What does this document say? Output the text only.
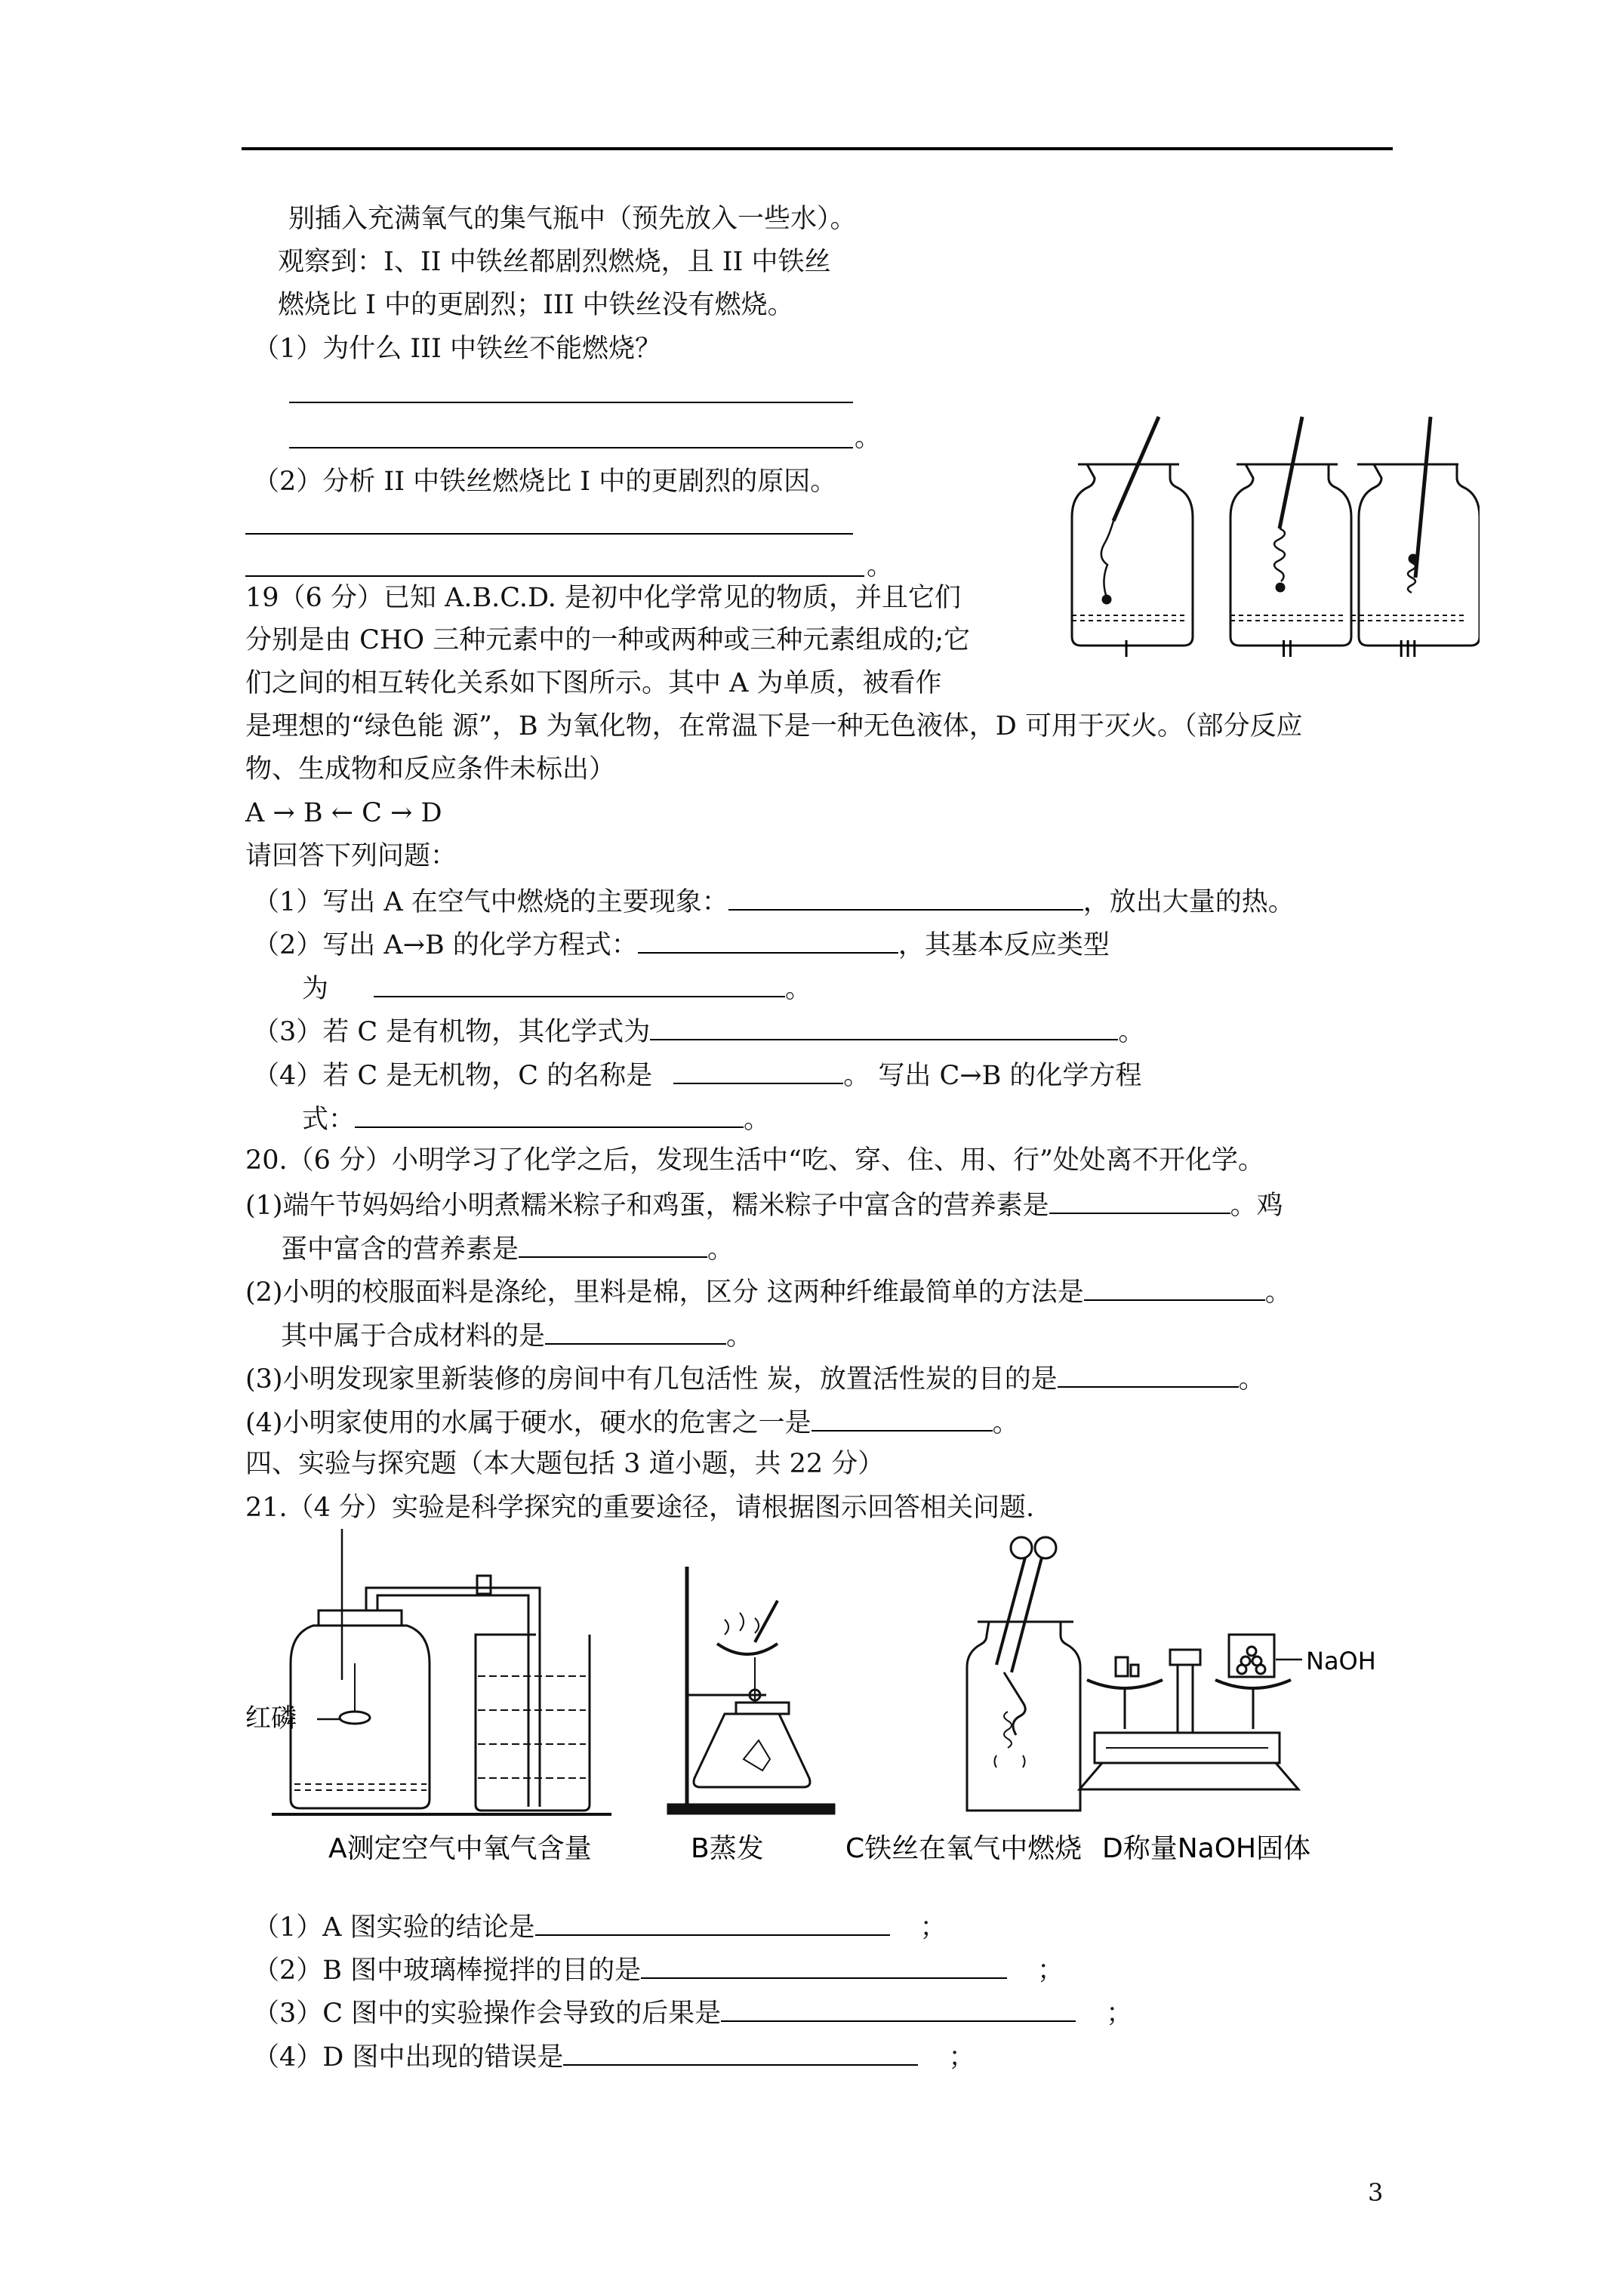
别插入充满氧气的集气瓶中（预先放入一些水）。
观察到：I、II 中铁丝都剧烈燃烧，且 II 中铁丝
燃烧比 I 中的更剧烈；III 中铁丝没有燃烧。
（1）为什么 III 中铁丝不能燃烧？
。
（2）分析 II 中铁丝燃烧比 I 中的更剧烈的原因。
。
I	II	III
19（6 分）已知 A.B.C.D. 是初中化学常见的物质，并且它们
分别是由 CHO 三种元素中的一种或两种或三种元素组成的;它
们之间的相互转化关系如下图所示。其中 A 为单质，被看作
是理想的“绿色能 源”，B 为氧化物，在常温下是一种无色液体，D 可用于灭火。（部分反应
物、生成物和反应条件未标出）
A → B ← C → D
请回答下列问题：
（1）写出 A 在空气中燃烧的主要现象：	，放出大量的热。
（2）写出 A→B 的化学方程式：	，其基本反应类型
为	。
（3）若 C 是有机物，其化学式为	。
（4）若 C 是无机物，C 的名称是	。 写出 C→B 的化学方程
式：	。
20.（6 分）小明学习了化学之后，发现生活中“吃、穿、住、用、行”处处离不开化学。
(1)端午节妈妈给小明煮糯米粽子和鸡蛋，糯米粽子中富含的营养素是	。鸡
蛋中富含的营养素是	。
(2)小明的校服面料是涤纶，里料是棉，区分 这两种纤维最简单的方法是	。
其中属于合成材料的是	。
(3)小明发现家里新装修的房间中有几包活性 炭，放置活性炭的目的是	。
(4)小明家使用的水属于硬水，硬水的危害之一是	。
四、实验与探究题（本大题包括 3 道小题，共 22 分）
21.（4 分）实验是科学探究的重要途径，请根据图示回答相关问题.
红磷
NaOH
A测定空气中氧气含量	B蒸发	C铁丝在氧气中燃烧 D称量NaOH固体
（1）A 图实验的结论是	；
（2）B 图中玻璃棒搅拌的目的是	；
（3）C 图中的实验操作会导致的后果是	；
（4）D 图中出现的错误是	；
3
